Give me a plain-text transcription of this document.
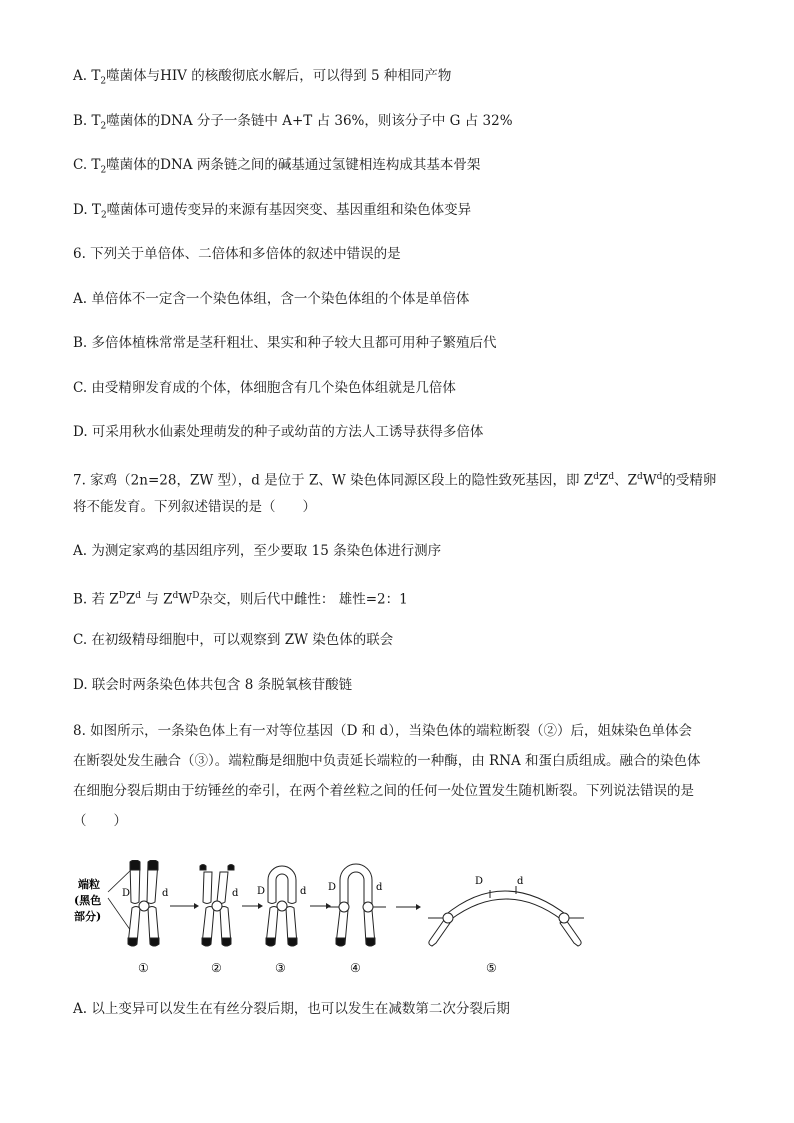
A. $T_2$噬菌体与HIV 的核酸彻底水解后，可以得到 5 种相同产物
B. $T_2$噬菌体的DNA 分子一条链中 A+T 占 36%，则该分子中 G 占 32%
C. $T_2$噬菌体的DNA 两条链之间的碱基通过氢键相连构成其基本骨架
D. $T_2$噬菌体可遗传变异的来源有基因突变、基因重组和染色体变异
6. 下列关于单倍体、二倍体和多倍体的叙述中错误的是
A. 单倍体不一定含一个染色体组，含一个染色体组的个体是单倍体
B. 多倍体植株常常是茎秆粗壮、果实和种子较大且都可用种子繁殖后代
C. 由受精卵发育成的个体，体细胞含有几个染色体组就是几倍体
D. 可采用秋水仙素处理萌发的种子或幼苗的方法人工诱导获得多倍体
7. 家鸡（2n=28，ZW 型），d 是位于 Z、W 染色体同源区段上的隐性致死基因，即 $Z^dZ^d$、$Z^dW^d$的受精卵
将不能发育。下列叙述错误的是（　　）
A. 为测定家鸡的基因组序列，至少要取 15 条染色体进行测序
B. 若 $Z^DZ^d$ 与 $Z^dW^D$杂交，则后代中雌性： 雄性=2：1
C. 在初级精母细胞中，可以观察到 ZW 染色体的联会
D. 联会时两条染色体共包含 8 条脱氧核苷酸链
8. 如图所示，一条染色体上有一对等位基因（D 和 d），当染色体的端粒断裂（②）后，姐妹染色单体会
在断裂处发生融合（③）。端粒酶是细胞中负责延长端粒的一种酶，由 RNA 和蛋白质组成。融合的染色体
在细胞分裂后期由于纺锤丝的牵引，在两个着丝粒之间的任何一处位置发生随机断裂。下列说法错误的是
（　　）
端粒
(黑色
部分)
D	d
①
d
②
D	d
③
D	d
④
D	d
⑤
A. 以上变异可以发生在有丝分裂后期，也可以发生在减数第二次分裂后期
